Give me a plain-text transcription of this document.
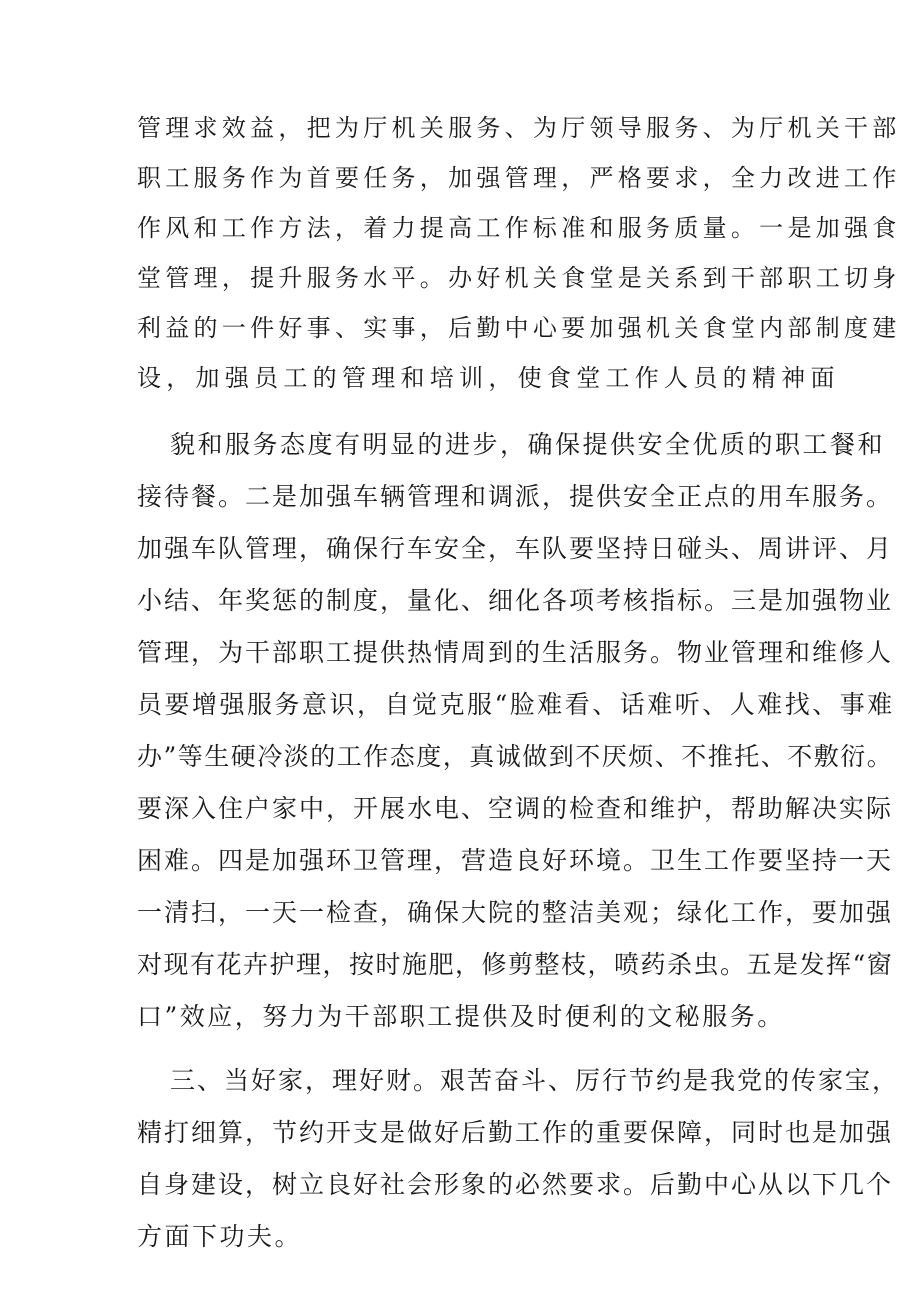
管理求效益，把为厅机关服务、为厅领导服务、为厅机关干部
职工服务作为首要任务，加强管理，严格要求，全力改进工作
作风和工作方法，着力提高工作标准和服务质量。一是加强食
堂管理，提升服务水平。办好机关食堂是关系到干部职工切身
利益的一件好事、实事，后勤中心要加强机关食堂内部制度建
设，加强员工的管理和培训，使食堂工作人员的精神面
貌和服务态度有明显的进步，确保提供安全优质的职工餐和
接待餐。二是加强车辆管理和调派，提供安全正点的用车服务。
加强车队管理，确保行车安全，车队要坚持日碰头、周讲评、月
小结、年奖惩的制度，量化、细化各项考核指标。三是加强物业
管理，为干部职工提供热情周到的生活服务。物业管理和维修人
员要增强服务意识，自觉克服“脸难看、话难听、人难找、事难
办”等生硬冷淡的工作态度，真诚做到不厌烦、不推托、不敷衍。
要深入住户家中，开展水电、空调的检查和维护，帮助解决实际
困难。四是加强环卫管理，营造良好环境。卫生工作要坚持一天
一清扫，一天一检查，确保大院的整洁美观；绿化工作，要加强
对现有花卉护理，按时施肥，修剪整枝，喷药杀虫。五是发挥“窗
口”效应，努力为干部职工提供及时便利的文秘服务。
三、当好家，理好财。艰苦奋斗、厉行节约是我党的传家宝，
精打细算，节约开支是做好后勤工作的重要保障，同时也是加强
自身建设，树立良好社会形象的必然要求。后勤中心从以下几个
方面下功夫。
